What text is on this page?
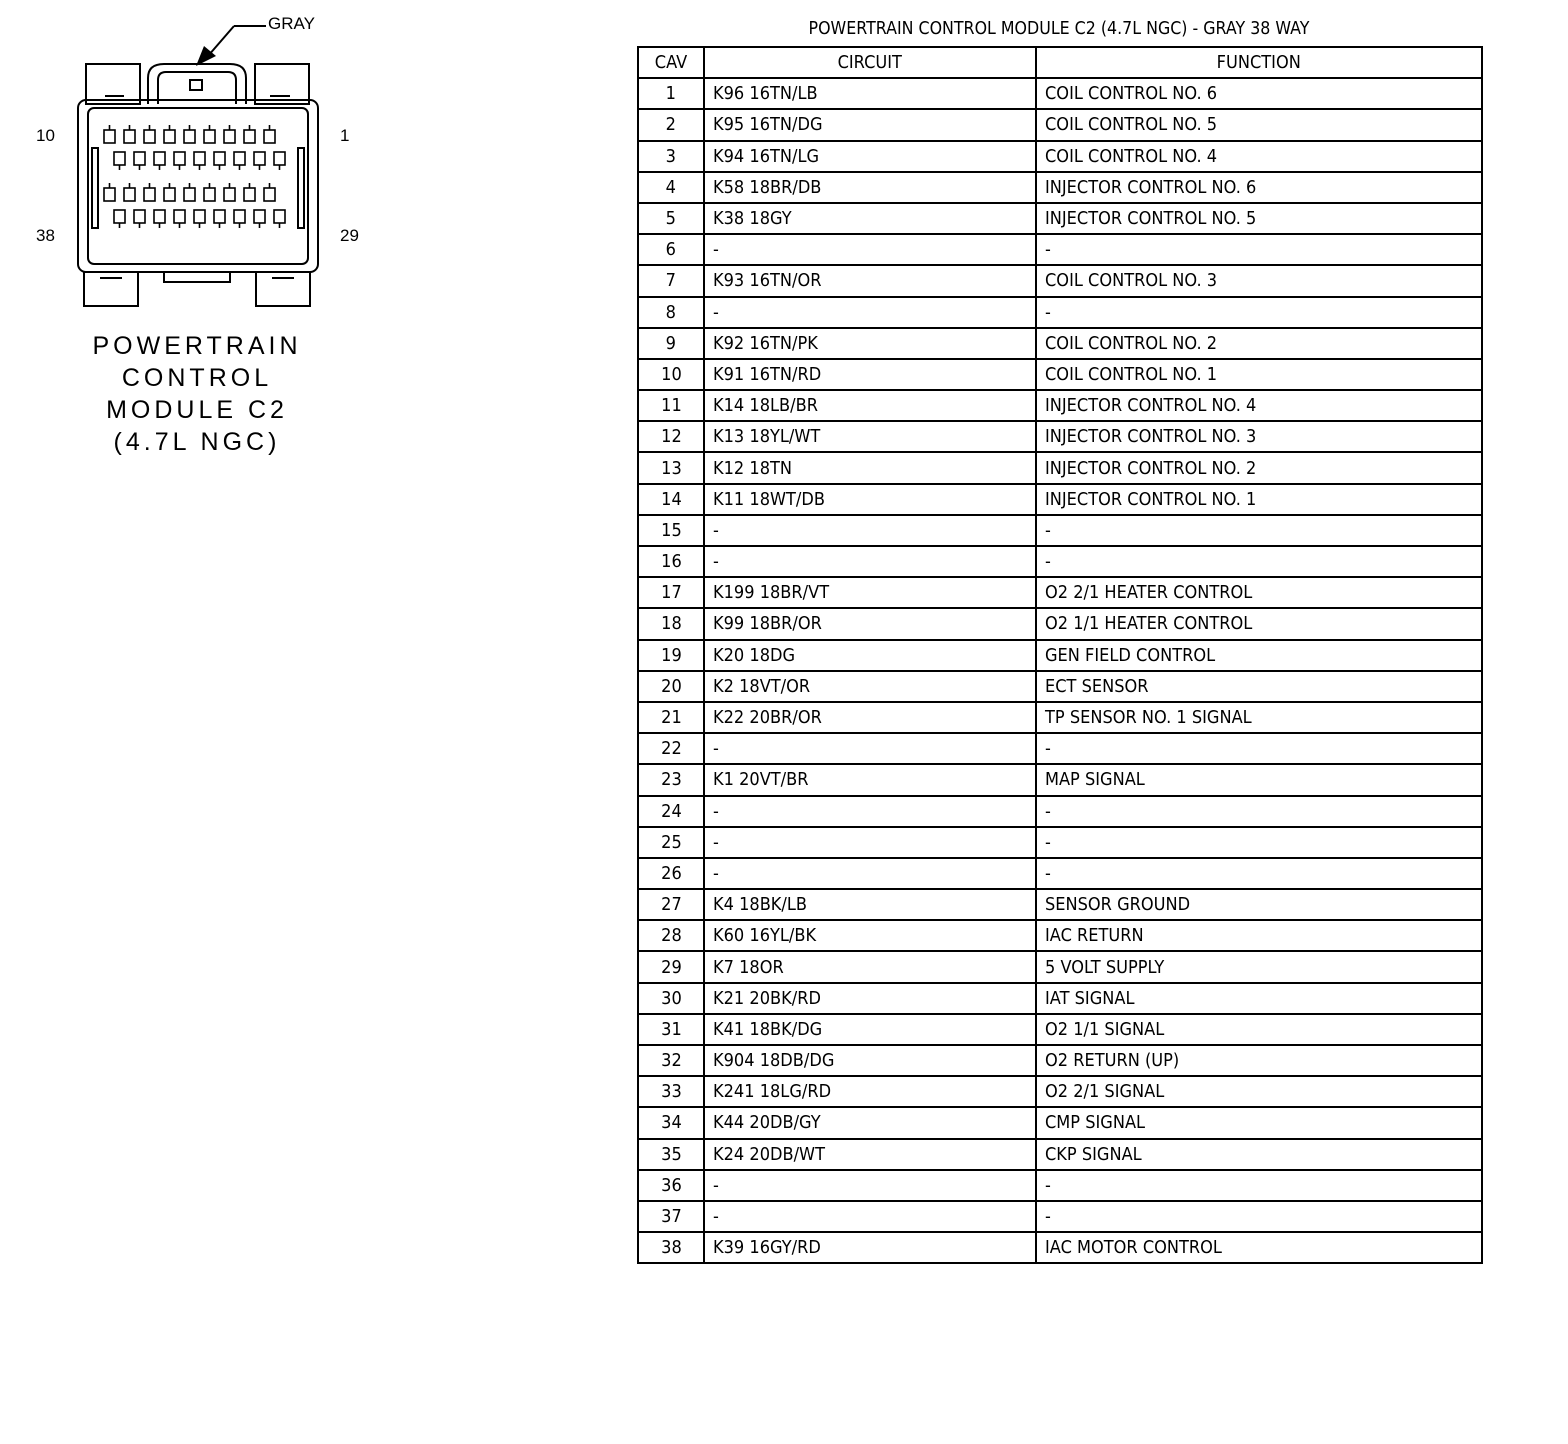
GRAY
10	1
38	29
POWERTRAIN
CONTROL
MODULE C2
(4.7L NGC)
POWERTRAIN CONTROL MODULE C2 (4.7L NGC) - GRAY 38 WAY
CAV	CIRCUIT	FUNCTION
1	K96 16TN/LB	COIL CONTROL NO. 6
2	K95 16TN/DG	COIL CONTROL NO. 5
3	K94 16TN/LG	COIL CONTROL NO. 4
4	K58 18BR/DB	INJECTOR CONTROL NO. 6
5	K38 18GY	INJECTOR CONTROL NO. 5
6	-	-
7	K93 16TN/OR	COIL CONTROL NO. 3
8	-	-
9	K92 16TN/PK	COIL CONTROL NO. 2
10	K91 16TN/RD	COIL CONTROL NO. 1
11	K14 18LB/BR	INJECTOR CONTROL NO. 4
12	K13 18YL/WT	INJECTOR CONTROL NO. 3
13	K12 18TN	INJECTOR CONTROL NO. 2
14	K11 18WT/DB	INJECTOR CONTROL NO. 1
15	-	-
16	-	-
17	K199 18BR/VT	O2 2/1 HEATER CONTROL
18	K99 18BR/OR	O2 1/1 HEATER CONTROL
19	K20 18DG	GEN FIELD CONTROL
20	K2 18VT/OR	ECT SENSOR
21	K22 20BR/OR	TP SENSOR NO. 1 SIGNAL
22	-	-
23	K1 20VT/BR	MAP SIGNAL
24	-	-
25	-	-
26	-	-
27	K4 18BK/LB	SENSOR GROUND
28	K60 16YL/BK	IAC RETURN
29	K7 18OR	5 VOLT SUPPLY
30	K21 20BK/RD	IAT SIGNAL
31	K41 18BK/DG	O2 1/1 SIGNAL
32	K904 18DB/DG	O2 RETURN (UP)
33	K241 18LG/RD	O2 2/1 SIGNAL
34	K44 20DB/GY	CMP SIGNAL
35	K24 20DB/WT	CKP SIGNAL
36	-	-
37	-	-
38	K39 16GY/RD	IAC MOTOR CONTROL
